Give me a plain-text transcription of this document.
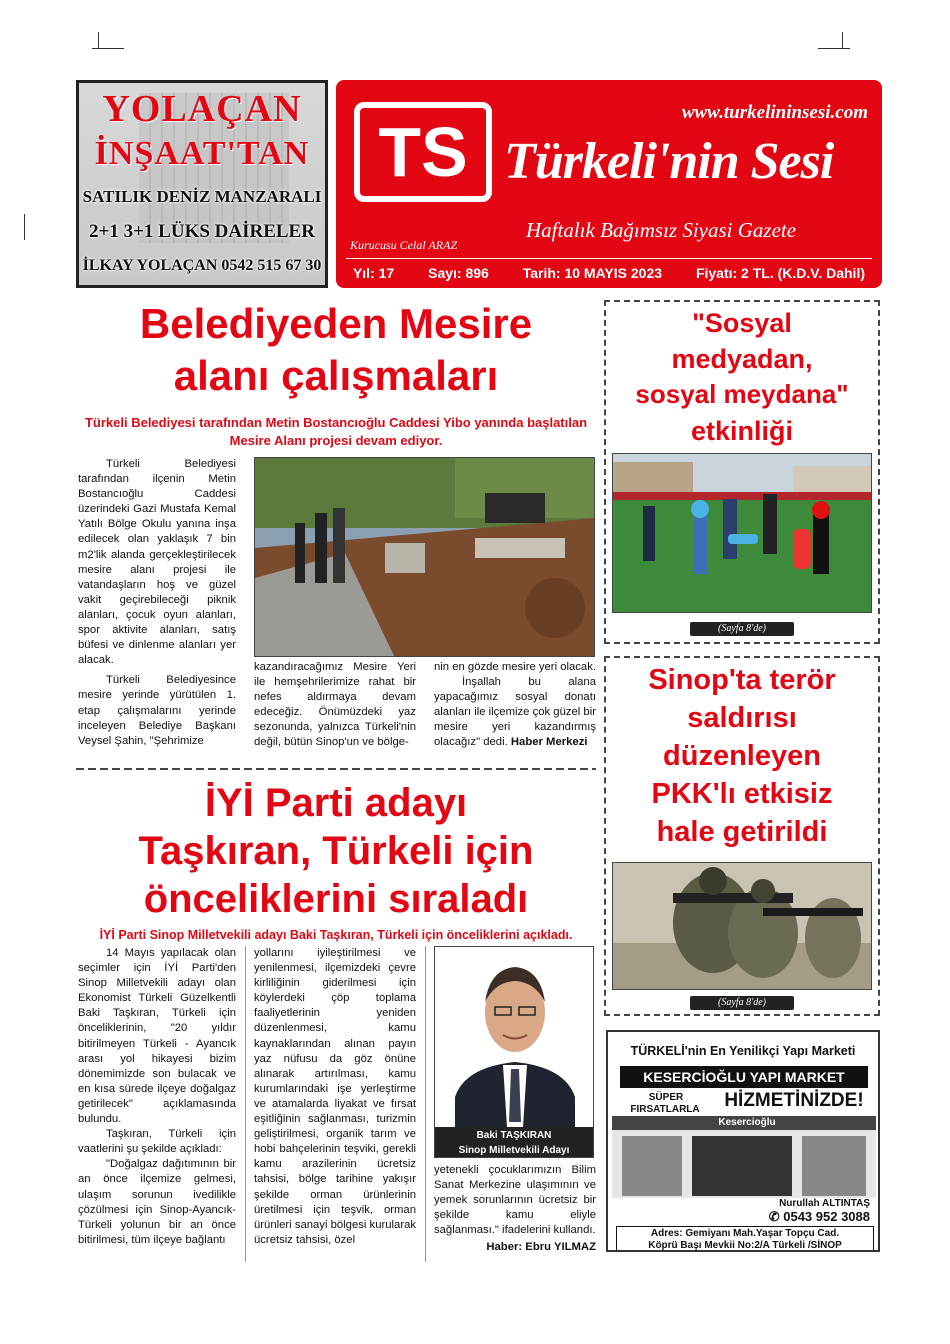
YOLAÇAN
İNŞAAT'TAN
SATILIK DENİZ MANZARALI
2+1 3+1 LÜKS DAİRELER
İLKAY YOLAÇAN 0542 515 67 30
TS
www.turkelininsesi.com
Türkeli'nin Sesi
Haftalık Bağımsız Siyasi Gazete
Kurucusu Celal ARAZ
Yıl: 17 Sayı: 896 Tarih: 10 MAYIS 2023 Fiyatı: 2 TL. (K.D.V. Dahil)
Belediyeden Mesire
alanı çalışmaları
Türkeli Belediyesi tarafından Metin Bostancıoğlu Caddesi Yibo yanında başlatılan
Mesire Alanı projesi devam ediyor.

Türkeli Belediyesi tarafından ilçenin Metin Bostancıoğlu Caddesi üzerindeki Gazi Mustafa Kemal Yatılı Bölge Okulu yanına inşa edilecek olan yaklaşık 7 bin m2'lik alanda gerçekleştirilecek mesire alanı projesi ile vatandaşların hoş ve güzel vakit geçirebileceği piknik alanları, çocuk oyun alanları, spor aktivite alanları, satış büfesi ve dinlenme alanları yer alacak.

Türkeli Belediyesince mesire yerinde yürütülen 1. etap çalışmalarını yerinde inceleyen Belediye Başkanı Veysel Şahin, "Şehrimize

kazandıracağımız Mesire Yeri ile hemşehrilerimize rahat bir nefes aldırmaya devam edeceğiz. Önümüzdeki yaz sezonunda, yalnızca Türkeli'nin değil, bütün Sinop'un ve bölge-

nin en gözde mesire yeri olacak.

İnşallah bu alana yapacağımız sosyal donatı alanları ile ilçemize çok güzel bir mesire yeri kazandırmış olacağız" dedi. Haber Merkezi

"Sosyal
medyadan,
sosyal meydana"
etkinliği
(Sayfa 8'de)
Sinop'ta terör
saldırısı
düzenleyen
PKK'lı etkisiz
hale getirildi
(Sayfa 8'de)
İYİ Parti adayı
Taşkıran, Türkeli için
önceliklerini sıraladı
İYİ Parti Sinop Milletvekili adayı Baki Taşkıran, Türkeli için önceliklerini açıkladı.

14 Mayıs yapılacak olan seçimler için İYİ Parti'den Sinop Milletvekili adayı olan Ekonomist Türkeli Güzelkentli Baki Taşkıran, Türkeli için önceliklerinin, "20 yıldır bitirilmeyen Türkeli - Ayancık arası yol hikayesi bizim dönemimizde son bulacak ve en kısa sürede ilçeye doğalgaz getirilecek" açıklamasında bulundu.

Taşkıran, Türkeli için vaatlerini şu şekilde açıkladı:

"Doğalgaz dağıtımının bir an önce ilçemize gelmesi, ulaşım sorunun ivedilikle çözülmesi için Sinop-Ayancık-Türkeli yolunun bir an önce bitirilmesi, tüm ilçeye bağlantı

yollarını iyileştirilmesi ve yenilenmesi, ilçemizdeki çevre kirliliğinin giderilmesi için köylerdeki çöp toplama faaliyetlerinin yeniden düzenlenmesi, kamu kaynaklarından alınan payın yaz nüfusu da göz önüne alınarak artırılması, kamu kurumlarındaki işe yerleştirme ve atamalarda liyakat ve fırsat eşitliğinin sağlanması, turizmin geliştirilmesi, organik tarım ve hobi bahçelerinin teşviki, gerekli kamu arazilerinin ücretsiz tahsisi, bölge tarihine yakışır şekilde orman ürünlerinin üretilmesi için teşvik, orman ürünleri sanayi bölgesi kurularak ücretsiz tahsisi, özel

Baki TAŞKIRAN
Sinop Milletvekili Adayı

yetenekli çocuklarımızın Bilim Sanat Merkezine ulaşımının ve yemek sorunlarının ücretsiz bir şekilde kamu eliyle sağlanması." ifadelerini kullandı.

Haber: Ebru YILMAZ

TÜRKELİ'nin En Yenilikçi Yapı Marketi
KESERCİOĞLU YAPI MARKET
SÜPER
FIRSATLARLA	HİZMETİNİZDE!
Kesercioğlu
Nurullah ALTINTAŞ
✆ 0543 952 3088
Adres: Gemiyanı Mah.Yaşar Topçu Cad.
Köprü Başı Mevkii No:2/A Türkeli /SİNOP
